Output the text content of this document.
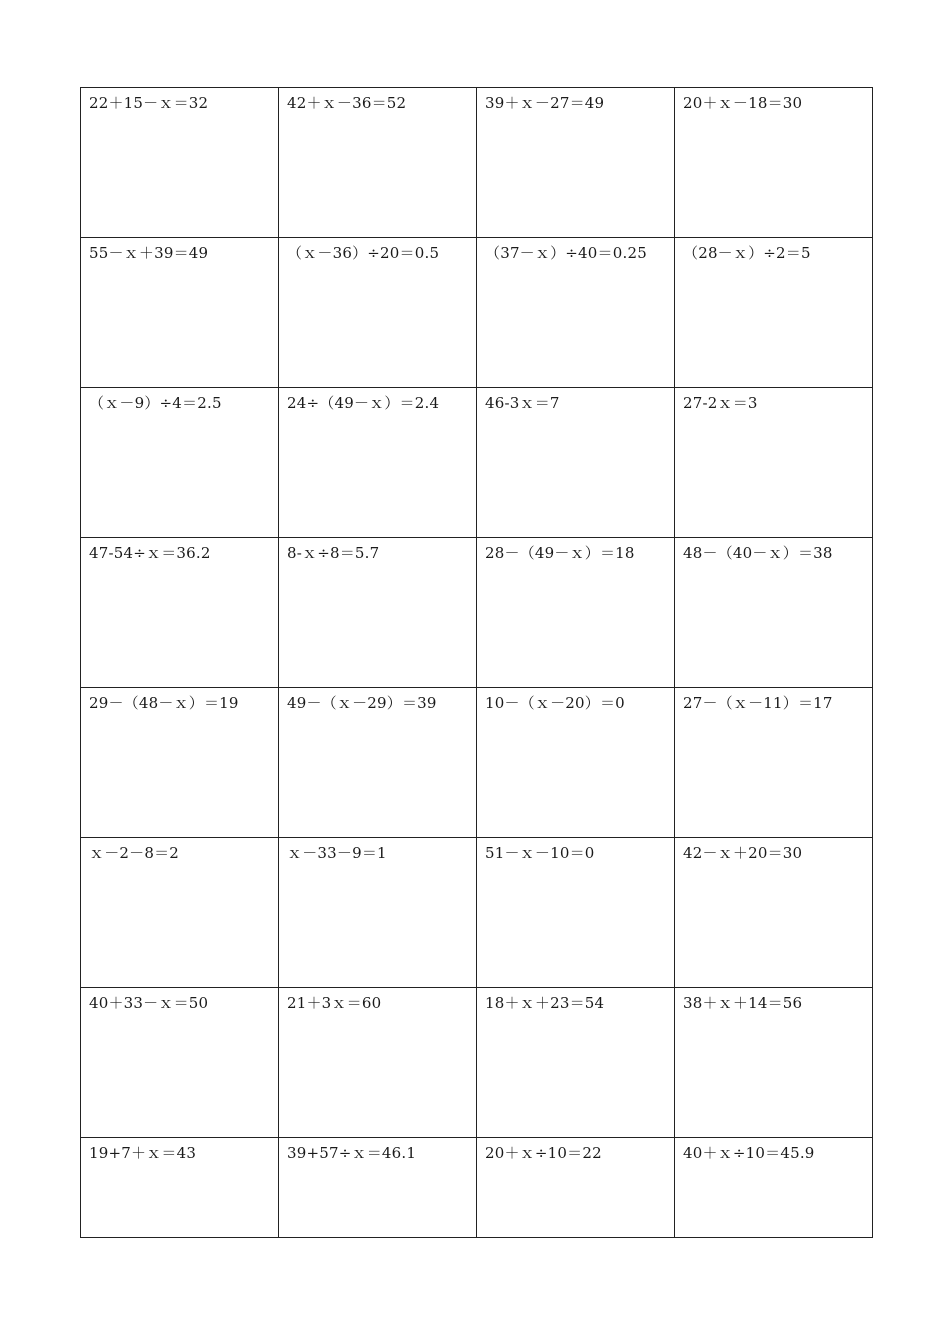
22＋15－ｘ＝32	42＋ｘ－36＝52	39＋ｘ－27＝49	20＋ｘ－18＝30
55－ｘ＋39＝49	（ｘ－36）÷20＝0.5	（37－ｘ）÷40＝0.25	（28－ｘ）÷2＝5
（ｘ－9）÷4＝2.5	24÷（49－ｘ）＝2.4	46-3ｘ＝7	27-2ｘ＝3
47-54÷ｘ＝36.2	8-ｘ÷8＝5.7	28－（49－ｘ）＝18	48－（40－ｘ）＝38
29－（48－ｘ）＝19	49－（ｘ－29）＝39	10－（ｘ－20）＝0	27－（ｘ－11）＝17
ｘ－2－8＝2	ｘ－33－9＝1	51－ｘ－10＝0	42－ｘ＋20＝30
40＋33－ｘ＝50	21＋3ｘ＝60	18＋ｘ＋23＝54	38＋ｘ＋14＝56
19+7＋ｘ＝43	39+57÷ｘ＝46.1	20＋ｘ÷10＝22	40＋ｘ÷10＝45.9
